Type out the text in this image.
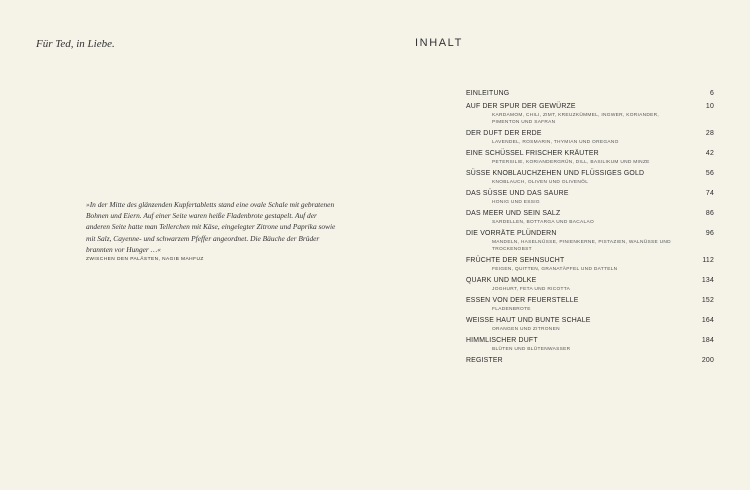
Für Ted, in Liebe.

»In der Mitte des glänzenden Kupfertabletts stand eine ovale Schale mit gebratenen Bohnen und Eiern. Auf einer Seite waren heiße Fladenbrote gestapelt. Auf der anderen Seite hatte man Tellerchen mit Käse, eingelegter Zitrone und Paprika sowie mit Salz, Cayenne- und schwarzem Pfeffer angeordnet. Die Bäuche der Brüder brannten vor Hunger …«

ZWISCHEN DEN PALÄSTEN, NAGIB MAHFUZ
INHALT
EINLEITUNG	6
AUF DER SPUR DER GEWÜRZE	10
KARDAMOM, CHILI, ZIMT, KREUZKÜMMEL, INGWER, KORIANDER, PIMENTON UND SAFRAN
DER DUFT DER ERDE	28
LAVENDEL, ROSMARIN, THYMIAN UND OREGANO
EINE SCHÜSSEL FRISCHER KRÄUTER	42
PETERSILIE, KORIANDERGRÜN, DILL, BASILIKUM UND MINZE
SÜSSE KNOBLAUCHZEHEN UND FLÜSSIGES GOLD	56
KNOBLAUCH, OLIVEN UND OLIVENÖL
DAS SÜSSE UND DAS SAURE	74
HONIG UND ESSIG
DAS MEER UND SEIN SALZ	86
SARDELLEN, BOTTARGA UND BACALAO
DIE VORRÄTE PLÜNDERN	96
MANDELN, HASELNÜSSE, PINIENKERNE, PISTAZIEN, WALNÜSSE UND TROCKENOBST
FRÜCHTE DER SEHNSUCHT	112
FEIGEN, QUITTEN, GRANATÄPFEL UND DATTELN
QUARK UND MOLKE	134
JOGHURT, FETA UND RICOTTA
ESSEN VON DER FEUERSTELLE	152
FLADENBROTE
WEISSE HAUT UND BUNTE SCHALE	164
ORANGEN UND ZITRONEN
HIMMLISCHER DUFT	184
BLÜTEN UND BLÜTENWASSER
REGISTER	200
